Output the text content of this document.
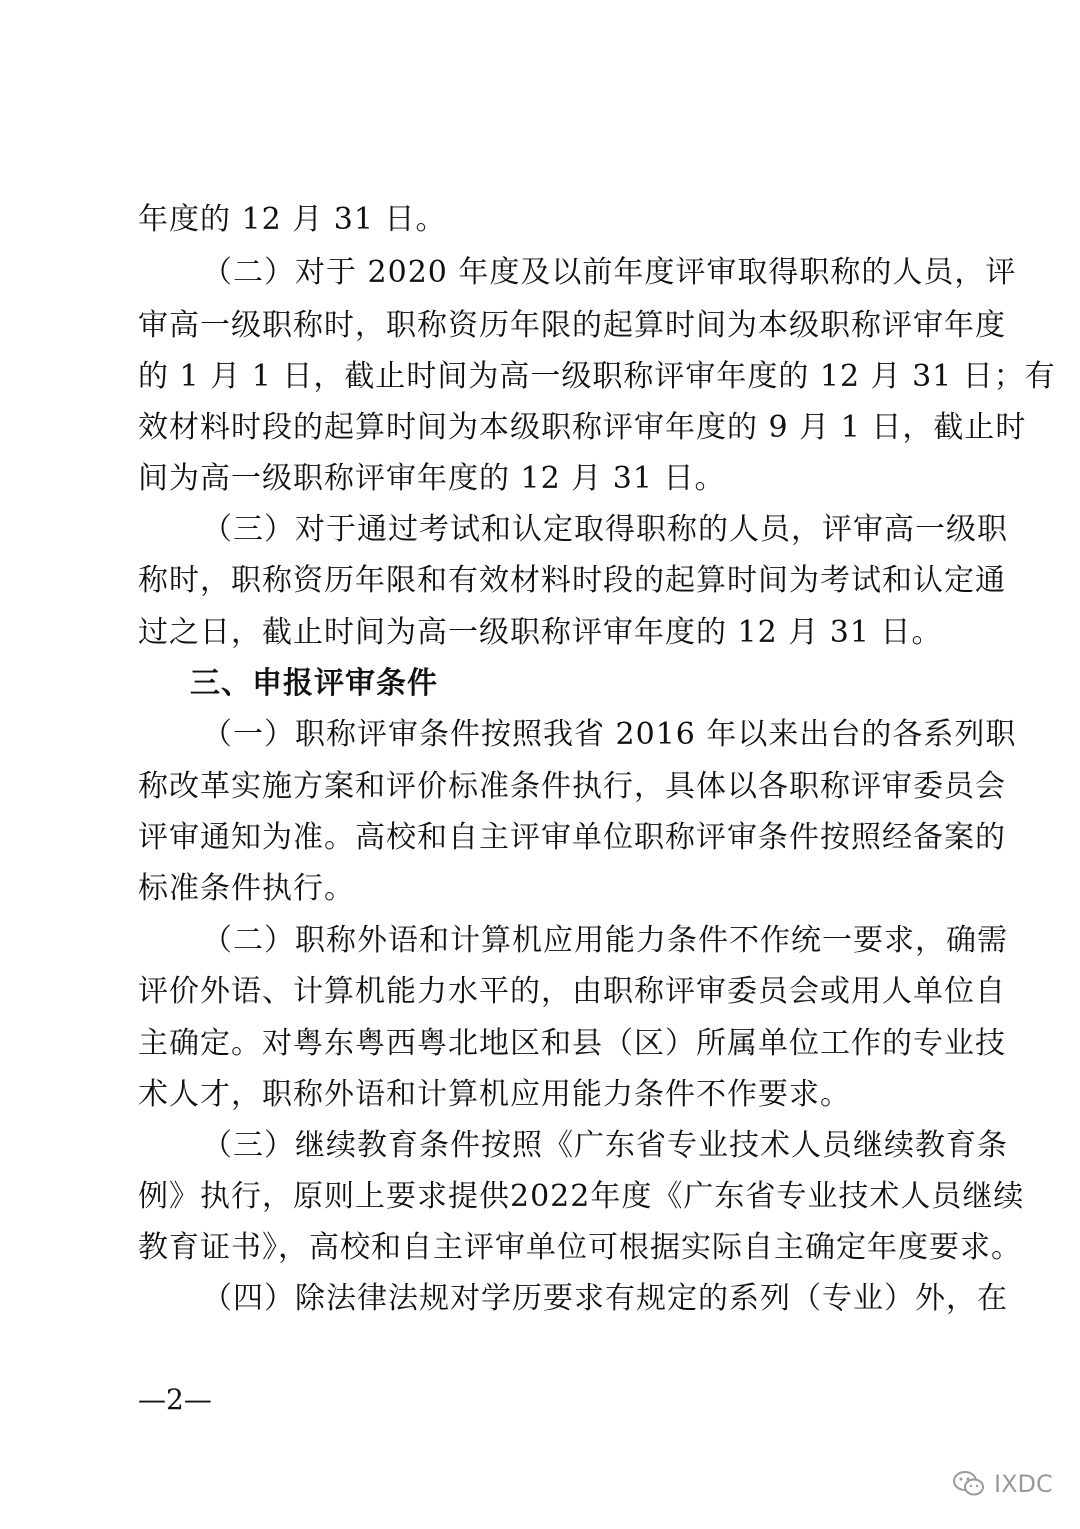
年度的 12 月 31 日。
（二）对于 2020 年度及以前年度评审取得职称的人员，评
审高一级职称时，职称资历年限的起算时间为本级职称评审年度
的 1 月 1 日，截止时间为高一级职称评审年度的 12 月 31 日；有
效材料时段的起算时间为本级职称评审年度的 9 月 1 日，截止时
间为高一级职称评审年度的 12 月 31 日。
（三）对于通过考试和认定取得职称的人员，评审高一级职
称时，职称资历年限和有效材料时段的起算时间为考试和认定通
过之日，截止时间为高一级职称评审年度的 12 月 31 日。
三、申报评审条件
（一）职称评审条件按照我省 2016 年以来出台的各系列职
称改革实施方案和评价标准条件执行，具体以各职称评审委员会
评审通知为准。高校和自主评审单位职称评审条件按照经备案的
标准条件执行。
（二）职称外语和计算机应用能力条件不作统一要求，确需
评价外语、计算机能力水平的，由职称评审委员会或用人单位自
主确定。对粤东粤西粤北地区和县（区）所属单位工作的专业技
术人才，职称外语和计算机应用能力条件不作要求。
（三）继续教育条件按照《广东省专业技术人员继续教育条
例》执行，原则上要求提供2022年度《广东省专业技术人员继续
教育证书》，高校和自主评审单位可根据实际自主确定年度要求。
（四）除法律法规对学历要求有规定的系列（专业）外，在
—2—
IXDC
